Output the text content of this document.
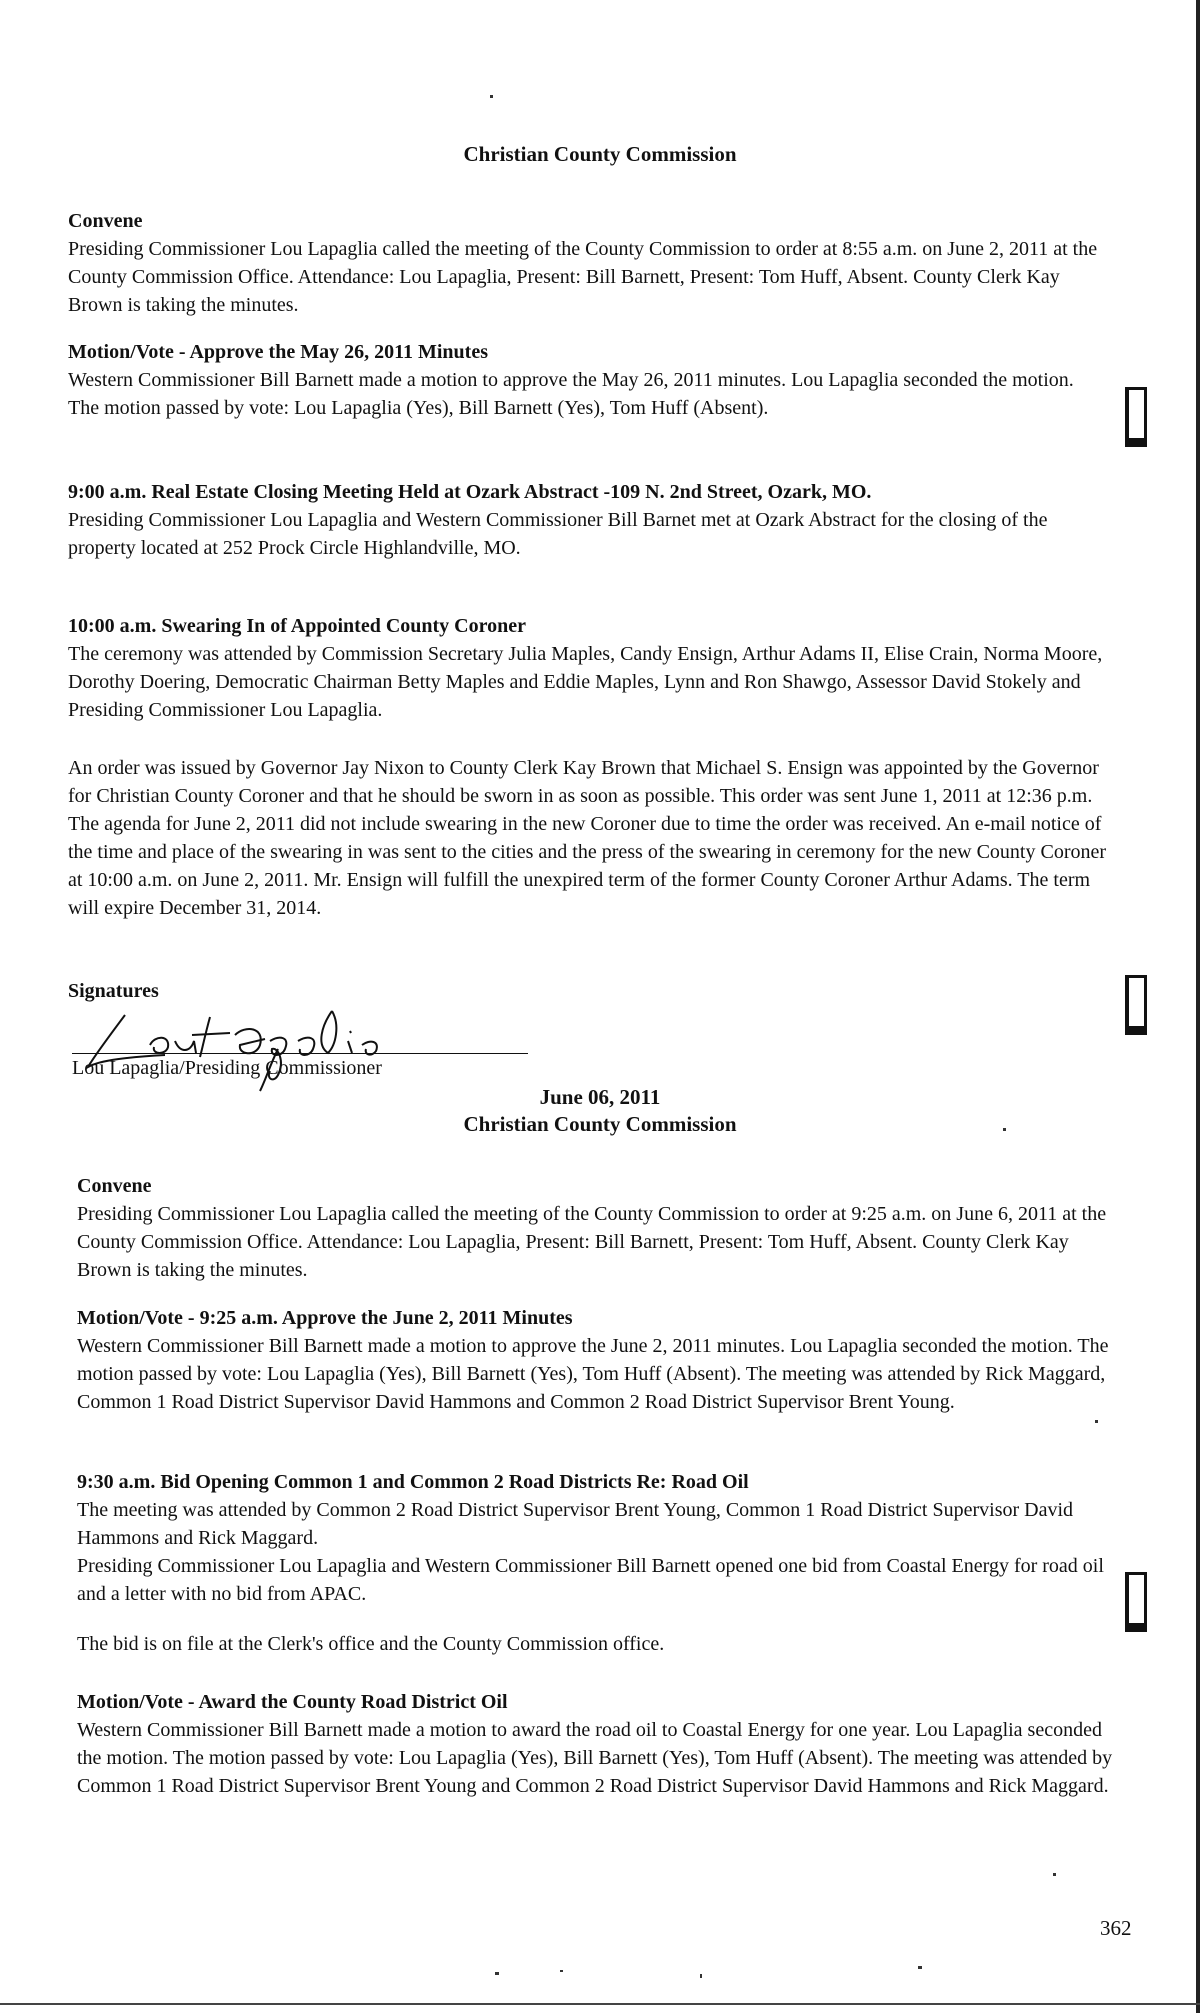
Christian County Commission
Convene

Presiding Commissioner Lou Lapaglia called the meeting of the County Commission to order at 8:55 a.m. on June 2, 2011 at the County Commission Office. Attendance: Lou Lapaglia, Present: Bill Barnett, Present: Tom Huff, Absent. County Clerk Kay Brown is taking the minutes.

Motion/Vote - Approve the May 26, 2011 Minutes

Western Commissioner Bill Barnett made a motion to approve the May 26, 2011 minutes. Lou Lapaglia seconded the motion. The motion passed by vote: Lou Lapaglia (Yes), Bill Barnett (Yes), Tom Huff (Absent).

9:00 a.m. Real Estate Closing Meeting Held at Ozark Abstract -109 N. 2nd Street, Ozark, MO.

Presiding Commissioner Lou Lapaglia and Western Commissioner Bill Barnet met at Ozark Abstract for the closing of the property located at 252 Prock Circle Highlandville, MO.

10:00 a.m. Swearing In of Appointed County Coroner

The ceremony was attended by Commission Secretary Julia Maples, Candy Ensign, Arthur Adams II, Elise Crain, Norma Moore, Dorothy Doering, Democratic Chairman Betty Maples and Eddie Maples, Lynn and Ron Shawgo, Assessor David Stokely and Presiding Commissioner Lou Lapaglia.

An order was issued by Governor Jay Nixon to County Clerk Kay Brown that Michael S. Ensign was appointed by the Governor for Christian County Coroner and that he should be sworn in as soon as possible. This order was sent June 1, 2011 at 12:36 p.m. The agenda for June 2, 2011 did not include swearing in the new Coroner due to time the order was received. An e-mail notice of the time and place of the swearing in was sent to the cities and the press of the swearing in ceremony for the new County Coroner at 10:00 a.m. on June 2, 2011. Mr. Ensign will fulfill the unexpired term of the former County Coroner Arthur Adams. The term will expire December 31, 2014.

Signatures
Lou Lapaglia/Presiding Commissioner
June 06, 2011
Christian County Commission
Convene

Presiding Commissioner Lou Lapaglia called the meeting of the County Commission to order at 9:25 a.m. on June 6, 2011 at the County Commission Office. Attendance: Lou Lapaglia, Present: Bill Barnett, Present: Tom Huff, Absent. County Clerk Kay Brown is taking the minutes.

Motion/Vote - 9:25 a.m. Approve the June 2, 2011 Minutes

Western Commissioner Bill Barnett made a motion to approve the June 2, 2011 minutes. Lou Lapaglia seconded the motion. The motion passed by vote: Lou Lapaglia (Yes), Bill Barnett (Yes), Tom Huff (Absent). The meeting was attended by Rick Maggard, Common 1 Road District Supervisor David Hammons and Common 2 Road District Supervisor Brent Young.

9:30 a.m. Bid Opening Common 1 and Common 2 Road Districts Re: Road Oil

The meeting was attended by Common 2 Road District Supervisor Brent Young, Common 1 Road District Supervisor David Hammons and Rick Maggard.

Presiding Commissioner Lou Lapaglia and Western Commissioner Bill Barnett opened one bid from Coastal Energy for road oil and a letter with no bid from APAC.

The bid is on file at the Clerk's office and the County Commission office.

Motion/Vote - Award the County Road District Oil

Western Commissioner Bill Barnett made a motion to award the road oil to Coastal Energy for one year. Lou Lapaglia seconded the motion. The motion passed by vote: Lou Lapaglia (Yes), Bill Barnett (Yes), Tom Huff (Absent). The meeting was attended by Common 1 Road District Supervisor Brent Young and Common 2 Road District Supervisor David Hammons and Rick Maggard.

362
